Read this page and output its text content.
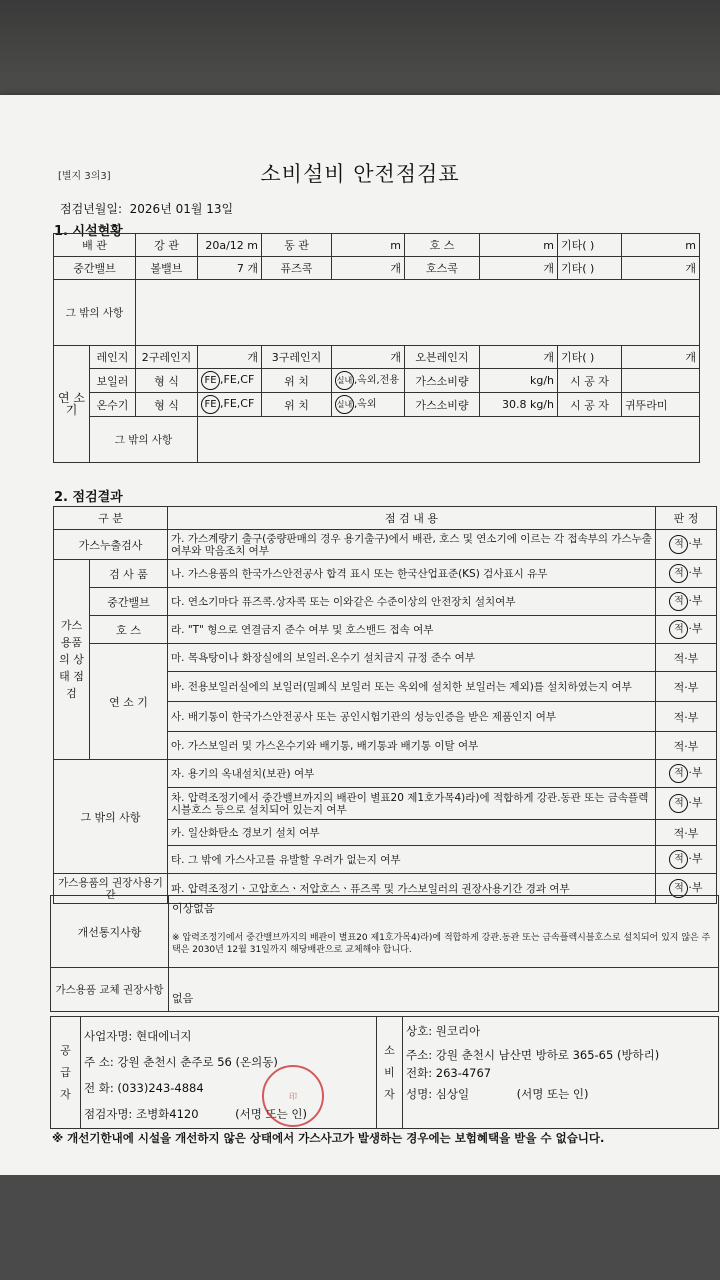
[별지 3의3]	소비설비 안전점검표
점검년월일: 2026년 01월 13일
1. 시설현황
배 관		강 관	20a/12 m	동 관	m	호 스	m	기타( )	m
중간밸브		볼밸브	7 개	퓨즈콕	개	호스콕	개	기타( )	개
그 밖의 사항									
연 소 기	레인지	2구레인지	개	3구레인지	개	오븐레인지	개	기타( )	개
	보일러	형 식	FE ,FE,CF	위 치	실내 ,옥외,전용	가스소비량	kg/h	시 공 자	
	온수기	형 식	FE ,FE,CF	위 치	실내 ,옥외	가스소비량	30.8 kg/h	시 공 자	귀뚜라미
	그 밖의 사항								
2. 점검결과
구 분		점 검 내 용	판 정
가스누출검사		가. 가스계량기 출구(중량판매의 경우 용기출구)에서 배관, 호스 및 연소기에 이르는 각 접속부의 가스누출여부와 막음조치 여부	적 ·부
가스 용품 의 상태 점검	검 사 품	나. 가스용품의 한국가스안전공사 합격 표시 또는 한국산업표준(KS) 검사표시 유무	적 ·부
	중간밸브	다. 연소기마다 퓨즈콕.상자콕 또는 이와같은 수준이상의 안전장치 설치여부	적 ·부
	호 스	라. "T" 형으로 연결금지 준수 여부 및 호스밴드 접속 여부	적 ·부
	연 소 기	마. 목욕탕이나 화장실에의 보일러.온수기 설치금지 규정 준수 여부	적·부
		바. 전용보일러실에의 보일러(밀폐식 보일러 또는 옥외에 설치한 보일러는 제외)를 설치하였는지 여부	적·부
		사. 배기통이 한국가스안전공사 또는 공인시험기관의 성능인증을 받은 제품인지 여부	적·부
		아. 가스보일러 및 가스온수기와 배기통, 배기통과 배기통 이탈 여부	적·부
그 밖의 사항		자. 용기의 옥내설치(보관) 여부	적 ·부
		차. 압력조정기에서 중간밸브까지의 배관이 별표20 제1호가목4)라)에 적합하게 강관.동관 또는 금속플렉시블호스 등으로 설치되어 있는지 여부	적 ·부
		카. 일산화탄소 경보기 설치 여부	적·부
		타. 그 밖에 가스사고를 유발할 우려가 없는지 여부	적 ·부
가스용품의 권장사용기간		파. 압력조정기ㆍ고압호스ㆍ저압호스ㆍ퓨즈콕 및 가스보일러의 권장사용기간 경과 여부	적 ·부
개선통지사항	이상없음
※ 압력조정기에서 중간밸브까지의 배관이 별표20 제1호가목4)라)에 적합하게 강관.동관 또는 금속플렉시블호스로 설치되어 있지 않은 주택은 2030년 12월 31일까지 해당배관으로 교체해야 합니다.

가스용품 교체 권장사항	없음
공 급 자	
사업자명: 현대에너지
주 소: 강원 춘천시 춘주로 56 (온의동)
전 화: (033)243-4884
점검자명: 조병화4120	(서명 또는 인)
	소 비 자	
상호: 원코리아
주소: 강원 춘천시 남산면 방하로 365-65 (방하리)
전화: 263-4767
성명: 심상일	(서명 또는 인)
印
※ 개선기한내에 시설을 개선하지 않은 상태에서 가스사고가 발생하는 경우에는 보험혜택을 받을 수 없습니다.
